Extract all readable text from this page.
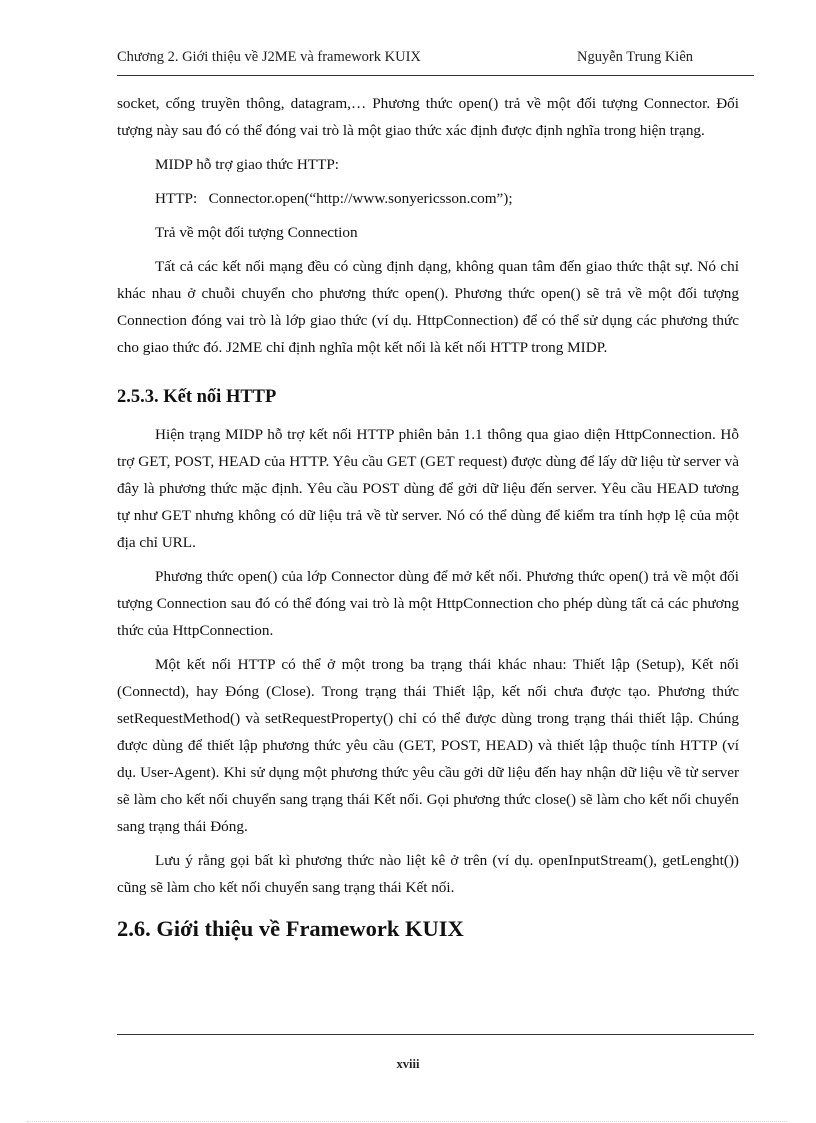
Chương 2. Giới thiệu về J2ME và framework KUIX	Nguyễn Trung Kiên

socket, cổng truyền thông, datagram,… Phương thức open() trả về một đối tượng Connector. Đối tượng này sau đó có thể đóng vai trò là một giao thức xác định được định nghĩa trong hiện trạng.

MIDP hỗ trợ giao thức HTTP:

HTTP:   Connector.open(“http://www.sonyericsson.com”);

Trả về một đối tượng Connection

Tất cả các kết nối mạng đều có cùng định dạng, không quan tâm đến giao thức thật sự. Nó chỉ khác nhau ở chuỗi chuyển cho phương thức open(). Phương thức open() sẽ trả về một đối tượng Connection đóng vai trò là lớp giao thức (ví dụ. HttpConnection) để có thể sử dụng các phương thức cho giao thức đó. J2ME chỉ định nghĩa một kết nối là kết nối HTTP trong MIDP.

2.5.3. Kết nối HTTP

Hiện trạng MIDP hỗ trợ kết nối HTTP phiên bản 1.1 thông qua giao diện HttpConnection. Hỗ trợ GET, POST, HEAD của HTTP. Yêu cầu GET (GET request) được dùng để lấy dữ liệu từ server và đây là phương thức mặc định. Yêu cầu POST dùng để gởi dữ liệu đến server. Yêu cầu HEAD tương tự như GET nhưng không có dữ liệu trả về từ server. Nó có thể dùng để kiểm tra tính hợp lệ của một địa chỉ URL.

Phương thức open() của lớp Connector dùng để mở kết nối. Phương thức open() trả về một đối tượng Connection sau đó có thể đóng vai trò là một HttpConnection cho phép dùng tất cả các phương thức của HttpConnection.

Một kết nối HTTP có thể ở một trong ba trạng thái khác nhau: Thiết lập (Setup), Kết nối (Connectd), hay Đóng (Close). Trong trạng thái Thiết lập, kết nối chưa được tạo. Phương thức setRequestMethod() và setRequestProperty() chỉ có thể được dùng trong trạng thái thiết lập. Chúng được dùng để thiết lập phương thức yêu cầu (GET, POST, HEAD) và thiết lập thuộc tính HTTP (ví dụ. User-Agent). Khi sử dụng một phương thức yêu cầu gởi dữ liệu đến hay nhận dữ liệu về từ server sẽ làm cho kết nối chuyển sang trạng thái Kết nối. Gọi phương thức close() sẽ làm cho kết nối chuyển sang trạng thái Đóng.

Lưu ý rằng gọi bất kì phương thức nào liệt kê ở trên (ví dụ. openInputStream(), getLenght()) cũng sẽ làm cho kết nối chuyển sang trạng thái Kết nối.

2.6. Giới thiệu về Framework KUIX
xviii
